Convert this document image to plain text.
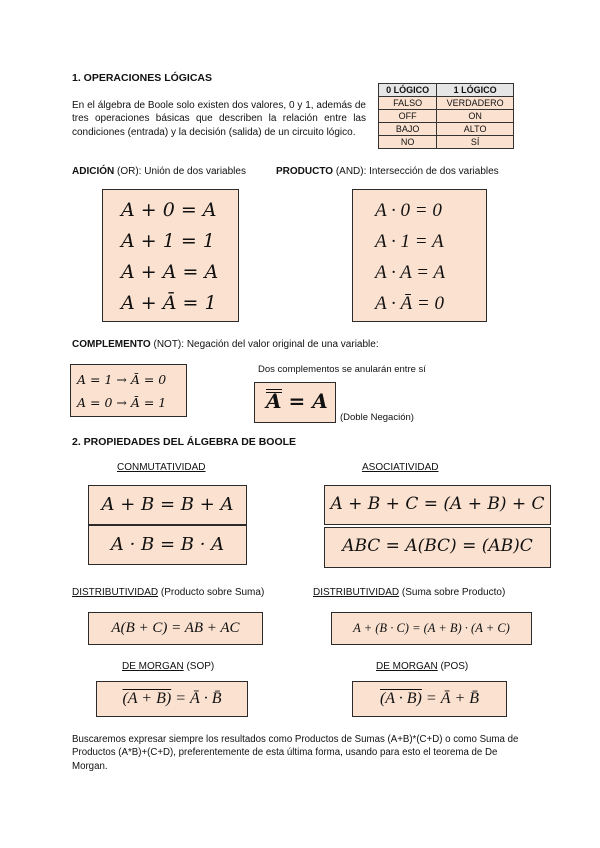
1. OPERACIONES LÓGICAS
En el álgebra de Boole solo existen dos valores, 0 y 1, además de tres operaciones básicas que describen la relación entre las condiciones (entrada) y la decisión (salida) de un circuito lógico.
0 LÓGICO	1 LÓGICO
FALSO	VERDADERO
OFF	ON
BAJO	ALTO
NO	SÍ
ADICIÓN (OR): Unión de dos variables	PRODUCTO (AND): Intersección de dos variables
A + 0 = A
A + 1 = 1
A + A = A
A + Ā = 1
A · 0 = 0
A · 1 = A
A · A = A
A · Ā = 0
COMPLEMENTO (NOT): Negación del valor original de una variable:
A = 1 → Ā = 0
A = 0 → Ā = 1
Dos complementos se anularán entre sí
A = A
(Doble Negación)
2. PROPIEDADES DEL ÁLGEBRA DE BOOLE
CONMUTATIVIDAD
A + B = B + A
A · B = B · A
ASOCIATIVIDAD
A + B + C = (A + B) + C
ABC = A(BC) = (AB)C
DISTRIBUTIVIDAD (Producto sobre Suma)	DISTRIBUTIVIDAD (Suma sobre Producto)
A(B + C) = AB + AC	A + (B · C) = (A + B) · (A + C)
DE MORGAN (SOP)	DE MORGAN (POS)
(A + B) = Ā · B̄	(A · B) = Ā + B̄
Buscaremos expresar siempre los resultados como Productos de Sumas (A+B)*(C+D) o como Suma de Productos (A*B)+(C+D), preferentemente de esta última forma, usando para esto el teorema de De Morgan.
